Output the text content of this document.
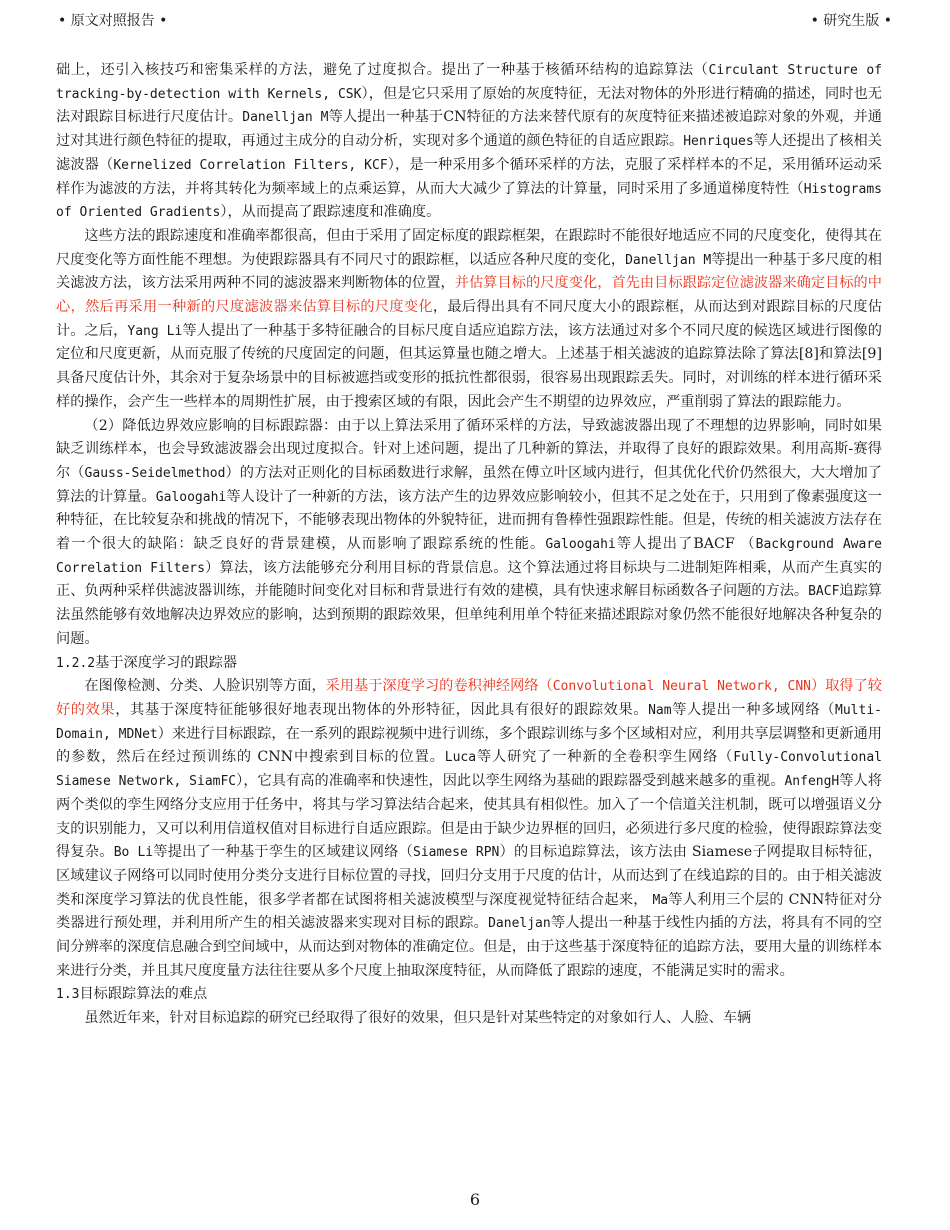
• 原文对照报告 •	• 研究生版 •

础上，还引入核技巧和密集采样的方法，避免了过度拟合。提出了一种基于核循环结构的追踪算法（Circulant Structure of tracking-by-detection with Kernels, CSK），但是它只采用了原始的灰度特征，无法对物体的外形进行精确的描述，同时也无法对跟踪目标进行尺度估计。Danelljan M等人提出一种基于CN特征的方法来替代原有的灰度特征来描述被追踪对象的外观，并通过对其进行颜色特征的提取，再通过主成分的自动分析，实现对多个通道的颜色特征的自适应跟踪。Henriques等人还提出了核相关滤波器（Kernelized Correlation Filters, KCF），是一种采用多个循环采样的方法，克服了采样样本的不足，采用循环运动采样作为滤波的方法，并将其转化为频率域上的点乘运算，从而大大减少了算法的计算量，同时采用了多通道梯度特性（Histograms of Oriented Gradients），从而提高了跟踪速度和准确度。

这些方法的跟踪速度和准确率都很高，但由于采用了固定标度的跟踪框架，在跟踪时不能很好地适应不同的尺度变化，使得其在尺度变化等方面性能不理想。为使跟踪器具有不同尺寸的跟踪框，以适应各种尺度的变化，Danelljan M等提出一种基于多尺度的相关滤波方法，该方法采用两种不同的滤波器来判断物体的位置，并估算目标的尺度变化，首先由目标跟踪定位滤波器来确定目标的中心，然后再采用一种新的尺度滤波器来估算目标的尺度变化，最后得出具有不同尺度大小的跟踪框，从而达到对跟踪目标的尺度估计。之后，Yang Li等人提出了一种基于多特征融合的目标尺度自适应追踪方法，该方法通过对多个不同尺度的候选区域进行图像的定位和尺度更新，从而克服了传统的尺度固定的问题，但其运算量也随之增大。上述基于相关滤波的追踪算法除了算法[8]和算法[9]具备尺度估计外，其余对于复杂场景中的目标被遮挡或变形的抵抗性都很弱，很容易出现跟踪丢失。同时，对训练的样本进行循环采样的操作，会产生一些样本的周期性扩展，由于搜索区域的有限，因此会产生不期望的边界效应，严重削弱了算法的跟踪能力。

（2）降低边界效应影响的目标跟踪器：由于以上算法采用了循环采样的方法，导致滤波器出现了不理想的边界影响，同时如果缺乏训练样本，也会导致滤波器会出现过度拟合。针对上述问题，提出了几种新的算法，并取得了良好的跟踪效果。利用高斯-赛得尔（Gauss-Seidelmethod）的方法对正则化的目标函数进行求解，虽然在傅立叶区域内进行，但其优化代价仍然很大，大大增加了算法的计算量。Galoogahi等人设计了一种新的方法，该方法产生的边界效应影响较小，但其不足之处在于，只用到了像素强度这一种特征，在比较复杂和挑战的情况下，不能够表现出物体的外貌特征，进而拥有鲁棒性强跟踪性能。但是，传统的相关滤波方法存在着一个很大的缺陷：缺乏良好的背景建模，从而影响了跟踪系统的性能。Galoogahi等人提出了BACF （Background Aware Correlation Filters）算法，该方法能够充分利用目标的背景信息。这个算法通过将目标块与二进制矩阵相乘，从而产生真实的正、负两种采样供滤波器训练，并能随时间变化对目标和背景进行有效的建模，具有快速求解目标函数各子问题的方法。BACF追踪算法虽然能够有效地解决边界效应的影响，达到预期的跟踪效果，但单纯利用单个特征来描述跟踪对象仍然不能很好地解决各种复杂的问题。

1.2.2基于深度学习的跟踪器

在图像检测、分类、人脸识别等方面，采用基于深度学习的卷积神经网络（Convolutional Neural Network, CNN）取得了较好的效果，其基于深度特征能够很好地表现出物体的外形特征，因此具有很好的跟踪效果。Nam等人提出一种多域网络（Multi-Domain, MDNet）来进行目标跟踪，在一系列的跟踪视频中进行训练，多个跟踪训练与多个区域相对应，利用共享层调整和更新通用的参数，然后在经过预训练的 CNN中搜索到目标的位置。Luca等人研究了一种新的全卷积孪生网络（Fully-Convolutional Siamese Network, SiamFC），它具有高的准确率和快速性，因此以孪生网络为基础的跟踪器受到越来越多的重视。AnfengH等人将两个类似的孪生网络分支应用于任务中，将其与学习算法结合起来，使其具有相似性。加入了一个信道关注机制，既可以增强语义分支的识别能力，又可以利用信道权值对目标进行自适应跟踪。但是由于缺少边界框的回归，必须进行多尺度的检验，使得跟踪算法变得复杂。Bo Li等提出了一种基于孪生的区域建议网络（Siamese RPN）的目标追踪算法，该方法由 Siamese子网提取目标特征，区域建议子网络可以同时使用分类分支进行目标位置的寻找，回归分支用于尺度的估计，从而达到了在线追踪的目的。由于相关滤波类和深度学习算法的优良性能，很多学者都在试图将相关滤波模型与深度视觉特征结合起来， Ma等人利用三个层的 CNN特征对分类器进行预处理，并利用所产生的相关滤波器来实现对目标的跟踪。Daneljan等人提出一种基于线性内插的方法，将具有不同的空间分辨率的深度信息融合到空间域中，从而达到对物体的准确定位。但是，由于这些基于深度特征的追踪方法，要用大量的训练样本来进行分类，并且其尺度度量方法往往要从多个尺度上抽取深度特征，从而降低了跟踪的速度，不能满足实时的需求。

1.3目标跟踪算法的难点

虽然近年来，针对目标追踪的研究已经取得了很好的效果，但只是针对某些特定的对象如行人、人脸、车辆

6
